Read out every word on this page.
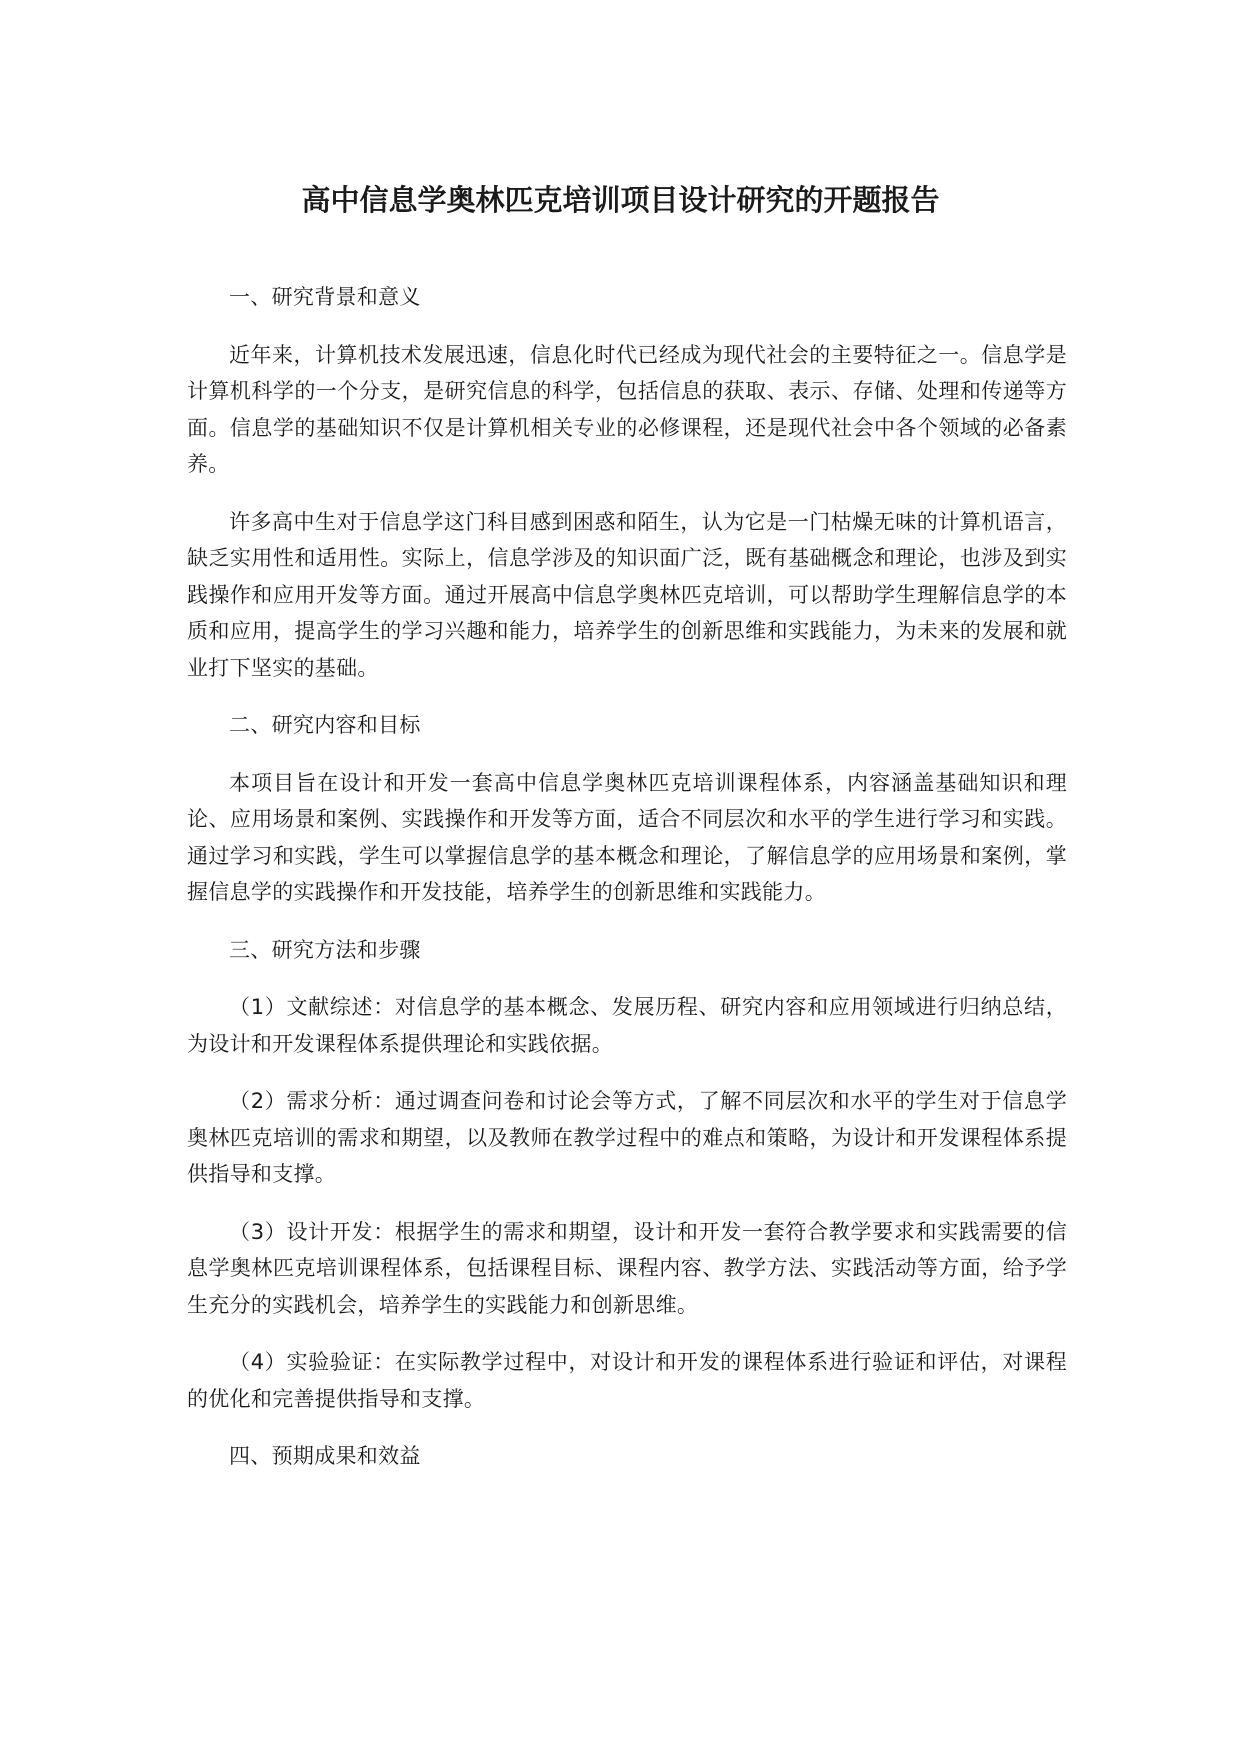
高中信息学奥林匹克培训项目设计研究的开题报告
一、研究背景和意义

近年来，计算机技术发展迅速，信息化时代已经成为现代社会的主要特征之一。信息学是计算机科学的一个分支，是研究信息的科学，包括信息的获取、表示、存储、处理和传递等方面。信息学的基础知识不仅是计算机相关专业的必修课程，还是现代社会中各个领域的必备素养。

许多高中生对于信息学这门科目感到困惑和陌生，认为它是一门枯燥无味的计算机语言，缺乏实用性和适用性。实际上，信息学涉及的知识面广泛，既有基础概念和理论，也涉及到实践操作和应用开发等方面。通过开展高中信息学奥林匹克培训，可以帮助学生理解信息学的本质和应用，提高学生的学习兴趣和能力，培养学生的创新思维和实践能力，为未来的发展和就业打下坚实的基础。

二、研究内容和目标

本项目旨在设计和开发一套高中信息学奥林匹克培训课程体系，内容涵盖基础知识和理论、应用场景和案例、实践操作和开发等方面，适合不同层次和水平的学生进行学习和实践。通过学习和实践，学生可以掌握信息学的基本概念和理论，了解信息学的应用场景和案例，掌握信息学的实践操作和开发技能，培养学生的创新思维和实践能力。

三、研究方法和步骤

（1）文献综述：对信息学的基本概念、发展历程、研究内容和应用领域进行归纳总结，为设计和开发课程体系提供理论和实践依据。

（2）需求分析：通过调查问卷和讨论会等方式，了解不同层次和水平的学生对于信息学奥林匹克培训的需求和期望，以及教师在教学过程中的难点和策略，为设计和开发课程体系提供指导和支撑。

（3）设计开发：根据学生的需求和期望，设计和开发一套符合教学要求和实践需要的信息学奥林匹克培训课程体系，包括课程目标、课程内容、教学方法、实践活动等方面，给予学生充分的实践机会，培养学生的实践能力和创新思维。

（4）实验验证：在实际教学过程中，对设计和开发的课程体系进行验证和评估，对课程的优化和完善提供指导和支撑。

四、预期成果和效益
